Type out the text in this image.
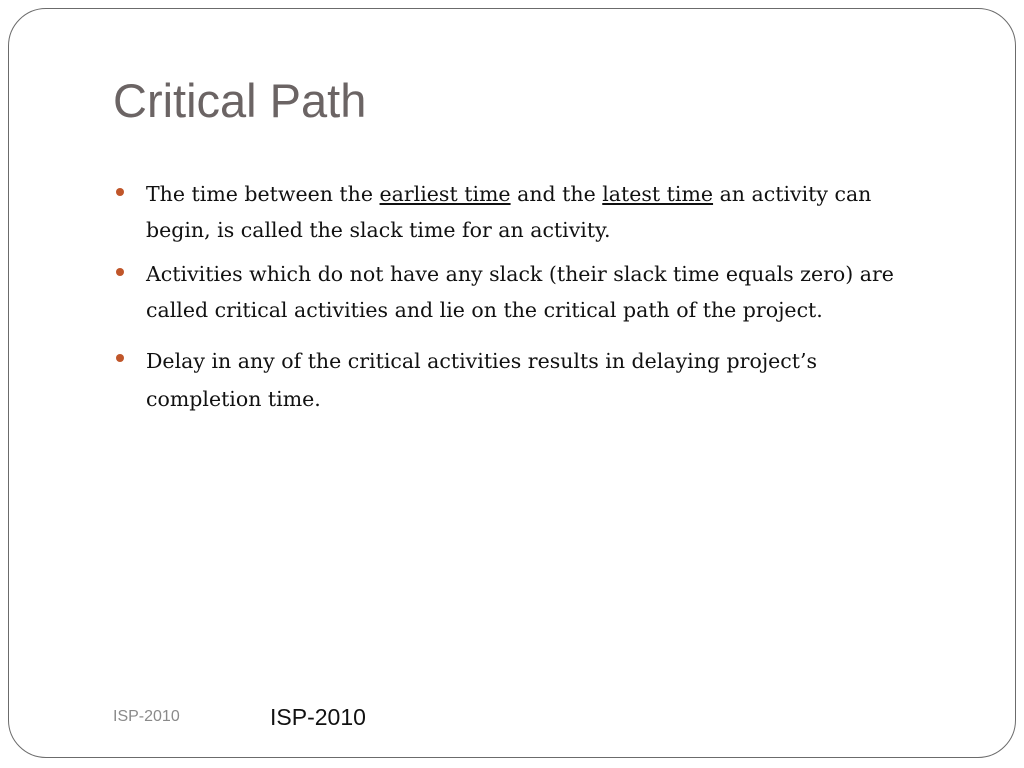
Critical Path
The time between the earliest time and the latest time an activity can begin, is called the slack time for an activity.
Activities which do not have any slack (their slack time equals zero) are called critical activities and lie on the critical path of the project.
Delay in any of the critical activities results in delaying project’s completion time.
ISP-2010	ISP-2010
